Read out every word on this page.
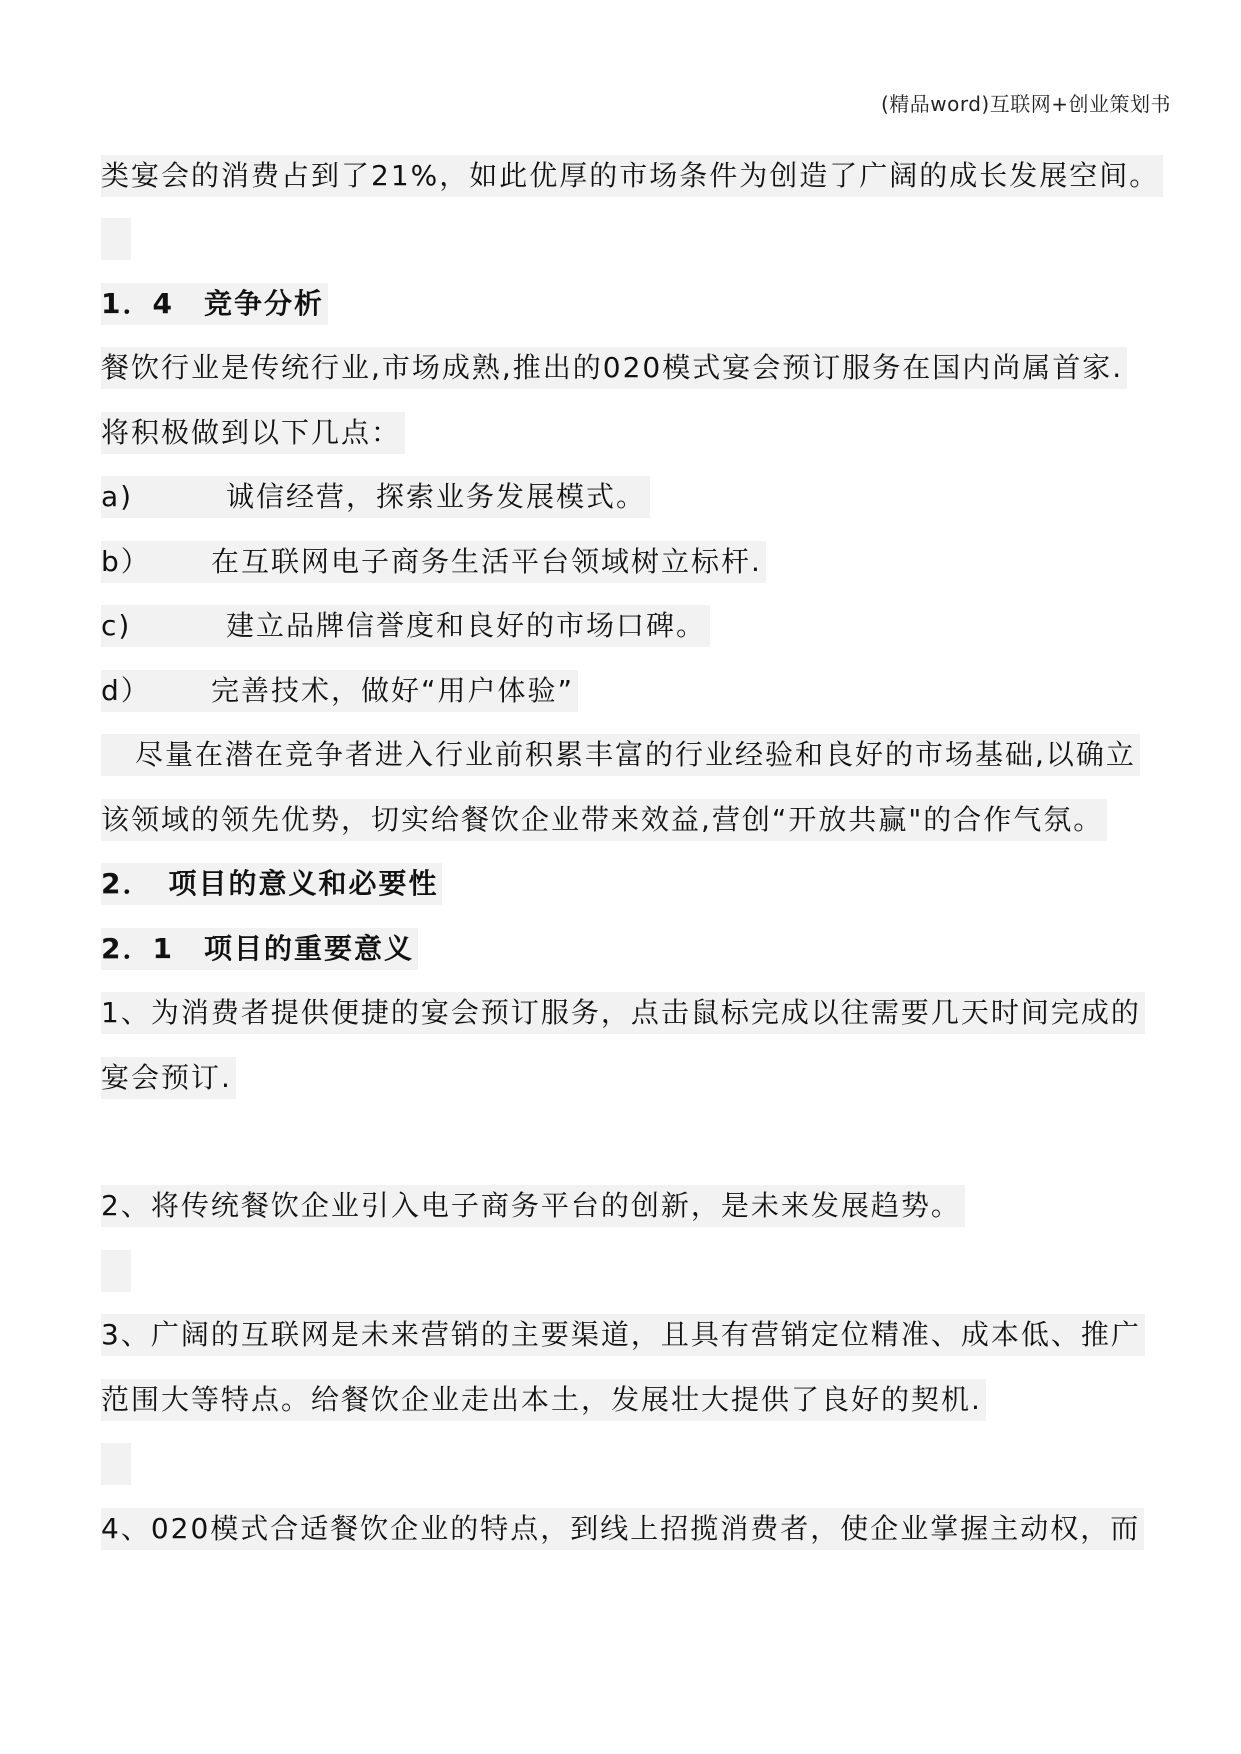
(精品word)互联网+创业策划书
类宴会的消费占到了21%，如此优厚的市场条件为创造了广阔的成长发展空间。
1．4　竞争分析
餐饮行业是传统行业,市场成熟,推出的020模式宴会预订服务在国内尚属首家.
将积极做到以下几点：
a)	诚信经营，探索业务发展模式。
b） 在互联网电子商务生活平台领域树立标杆.
c)	建立品牌信誉度和良好的市场口碑。
d） 完善技术，做好“用户体验”
尽量在潜在竞争者进入行业前积累丰富的行业经验和良好的市场基础,以确立
该领域的领先优势，切实给餐饮企业带来效益,营创“开放共赢"的合作气氛。
2．　项目的意义和必要性
2．1　项目的重要意义
1、为消费者提供便捷的宴会预订服务，点击鼠标完成以往需要几天时间完成的
宴会预订.
2、将传统餐饮企业引入电子商务平台的创新，是未来发展趋势。
3、广阔的互联网是未来营销的主要渠道，且具有营销定位精准、成本低、推广
范围大等特点。给餐饮企业走出本土，发展壮大提供了良好的契机.
4、020模式合适餐饮企业的特点，到线上招揽消费者，使企业掌握主动权，而
